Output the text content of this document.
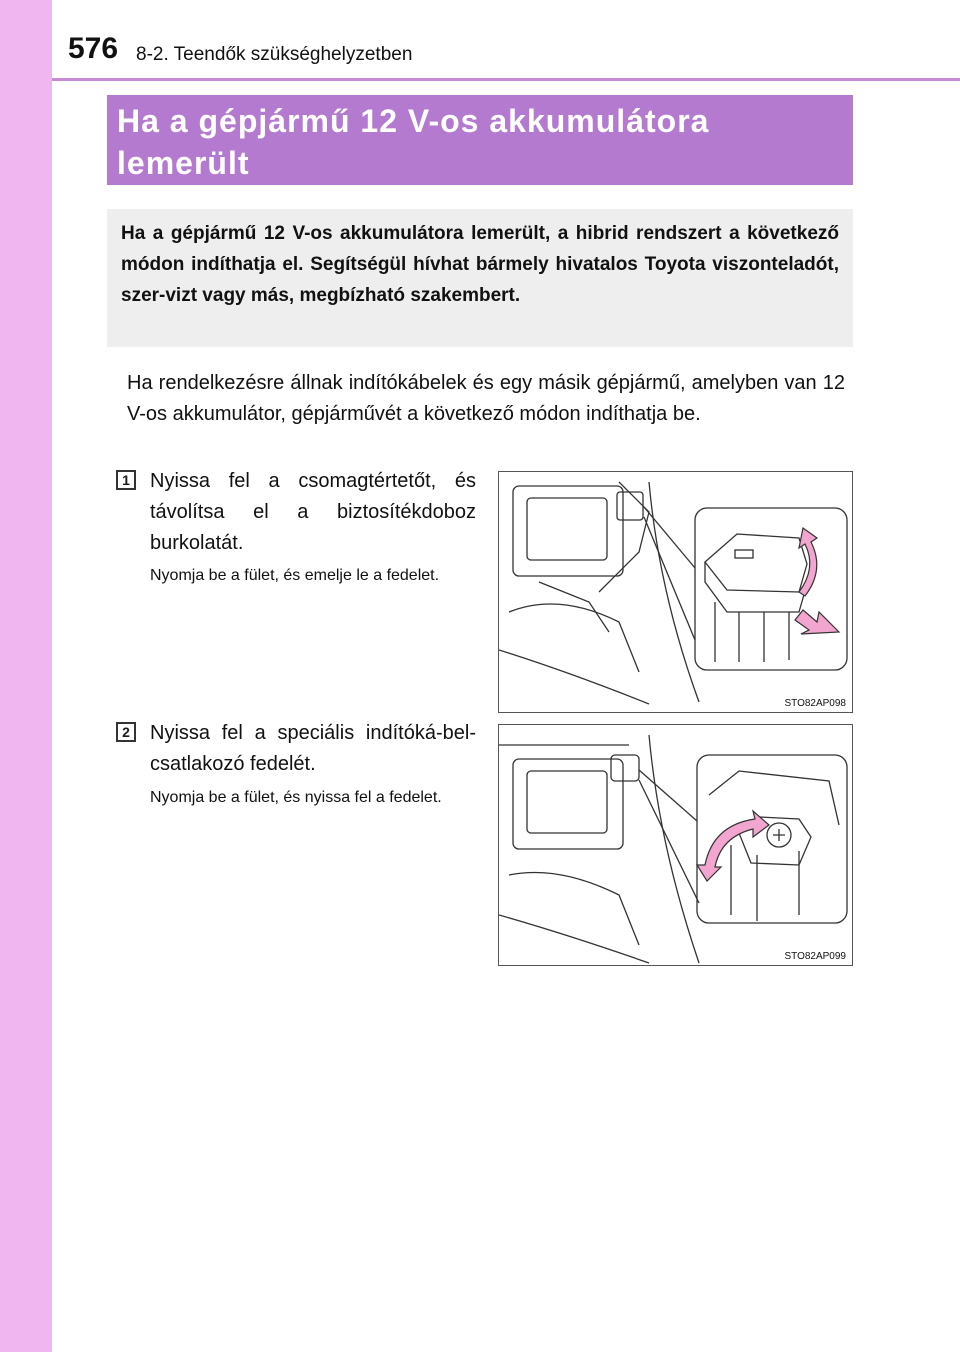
576 8-2. Teendők szükséghelyzetben
Ha a gépjármű 12 V-os akkumulátora lemerült
Ha a gépjármű 12 V-os akkumulátora lemerült, a hibrid rendszert a következő módon indíthatja el. Segítségül hívhat bármely hivatalos Toyota viszonteladót, szer-vizt vagy más, megbízható szakembert.
Ha rendelkezésre állnak indítókábelek és egy másik gépjármű, amelyben van 12 V-os akkumulátor, gépjárművét a következő módon indíthatja be.
1	Nyissa fel a csomagtértetőt, és távolítsa el a biztosítékdoboz burkolatát.
Nyomja be a fület, és emelje le a fedelet.
STO82AP098
2	Nyissa fel a speciális indítóká-bel-csatlakozó fedelét.
Nyomja be a fület, és nyissa fel a fedelet.
STO82AP099
